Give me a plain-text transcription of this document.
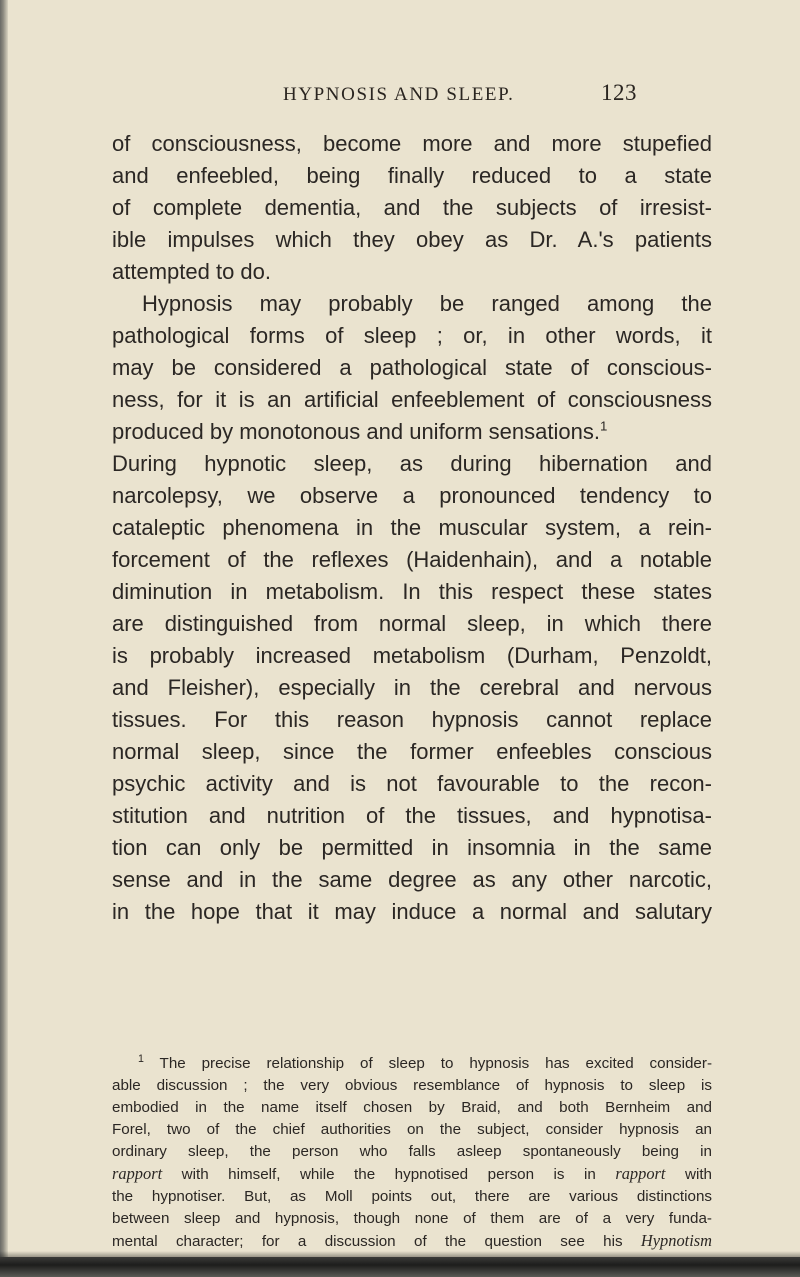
HYPNOSIS AND SLEEP.	123
of consciousness, become more and more stupefied
and enfeebled, being finally reduced to a state
of complete dementia, and the subjects of irresist-
ible impulses which they obey as Dr. A.'s patients
attempted to do.
Hypnosis may probably be ranged among the
pathological forms of sleep ; or, in other words, it
may be considered a pathological state of conscious-
ness, for it is an artificial enfeeblement of consciousness
produced by monotonous and uniform sensations.$^1$
During hypnotic sleep, as during hibernation and
narcolepsy, we observe a pronounced tendency to
cataleptic phenomena in the muscular system, a rein-
forcement of the reflexes (Haidenhain), and a notable
diminution in metabolism. In this respect these states
are distinguished from normal sleep, in which there
is probably increased metabolism (Durham, Penzoldt,
and Fleisher), especially in the cerebral and nervous
tissues. For this reason hypnosis cannot replace
normal sleep, since the former enfeebles conscious
psychic activity and is not favourable to the recon-
stitution and nutrition of the tissues, and hypnotisa-
tion can only be permitted in insomnia in the same
sense and in the same degree as any other narcotic,
in the hope that it may induce a normal and salutary
$^1$ The precise relationship of sleep to hypnosis has excited consider-
able discussion ; the very obvious resemblance of hypnosis to sleep is
embodied in the name itself chosen by Braid, and both Bernheim and
Forel, two of the chief authorities on the subject, consider hypnosis an
ordinary sleep, the person who falls asleep spontaneously being in
rapport with himself, while the hypnotised person is in rapport with
the hypnotiser. But, as Moll points out, there are various distinctions
between sleep and hypnosis, though none of them are of a very funda-
mental character; for a discussion of the question see his Hypnotism
